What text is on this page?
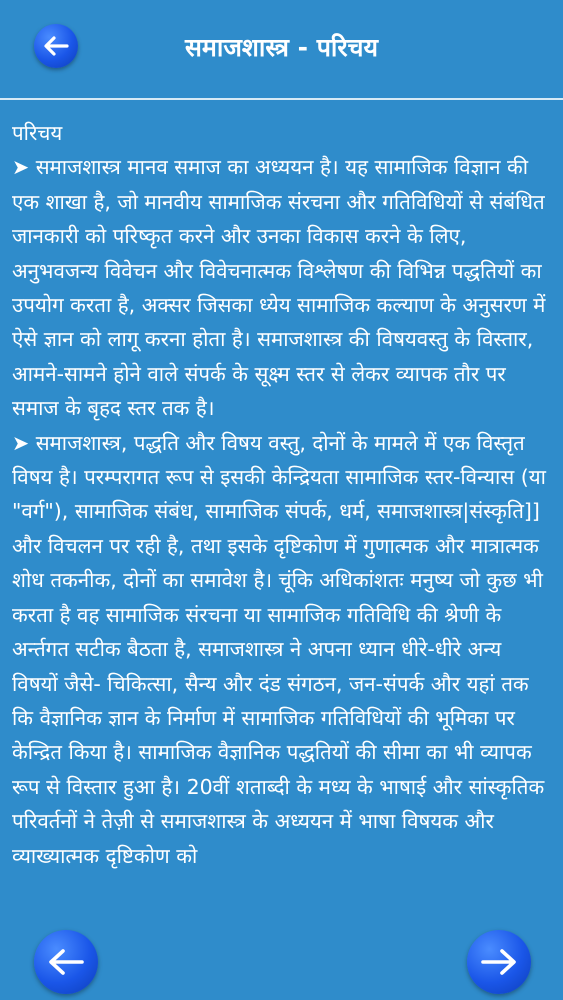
समाजशास्त्र - परिचय

परिचय

➤ समाजशास्त्र मानव समाज का अध्ययन है। यह सामाजिक विज्ञान की एक शाखा है, जो मानवीय सामाजिक संरचना और गतिविधियों से संबंधित जानकारी को परिष्कृत करने और उनका विकास करने के लिए, अनुभवजन्य विवेचन और विवेचनात्मक विश्लेषण की विभिन्न पद्धतियों का उपयोग करता है, अक्सर जिसका ध्येय सामाजिक कल्याण के अनुसरण में ऐसे ज्ञान को लागू करना होता है। समाजशास्त्र की विषयवस्तु के विस्तार, आमने-सामने होने वाले संपर्क के सूक्ष्म स्तर से लेकर व्यापक तौर पर समाज के बृहद स्तर तक है।

➤ समाजशास्त्र, पद्धति और विषय वस्तु, दोनों के मामले में एक विस्तृत विषय है। परम्परागत रूप से इसकी केन्द्रियता सामाजिक स्तर-विन्यास (या "वर्ग"), सामाजिक संबंध, सामाजिक संपर्क, धर्म, समाजशास्त्र|संस्कृति]] और विचलन पर रही है, तथा इसके दृष्टिकोण में गुणात्मक और मात्रात्मक शोध तकनीक, दोनों का समावेश है। चूंकि अधिकांशतः मनुष्य जो कुछ भी करता है वह सामाजिक संरचना या सामाजिक गतिविधि की श्रेणी के अर्न्तगत सटीक बैठता है, समाजशास्त्र ने अपना ध्यान धीरे-धीरे अन्य विषयों जैसे- चिकित्सा, सैन्य और दंड संगठन, जन-संपर्क और यहां तक कि वैज्ञानिक ज्ञान के निर्माण में सामाजिक गतिविधियों की भूमिका पर केन्द्रित किया है। सामाजिक वैज्ञानिक पद्धतियों की सीमा का भी व्यापक रूप से विस्तार हुआ है। 20वीं शताब्दी के मध्य के भाषाई और सांस्कृतिक परिवर्तनों ने तेज़ी से समाजशास्त्र के अध्ययन में भाषा विषयक और व्याख्यात्मक दृष्टिकोण को
